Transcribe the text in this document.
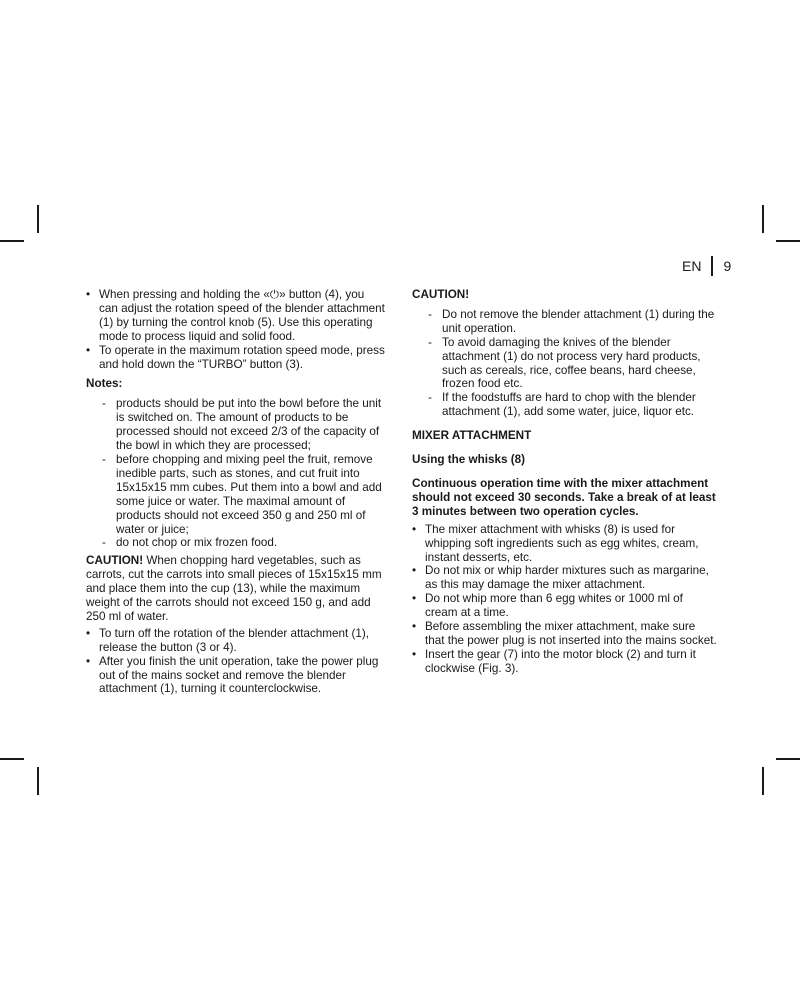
EN 9
• When pressing and holding the «⏻» button (4), you can adjust the rotation speed of the blender attachment (1) by turning the control knob (5). Use this operating mode to process liquid and solid food.
• To operate in the maximum rotation speed mode, press and hold down the “TURBO” button (3).
Notes:
- products should be put into the bowl before the unit is switched on. The amount of products to be processed should not exceed 2/3 of the capacity of the bowl in which they are processed;
- before chopping and mixing peel the fruit, remove inedible parts, such as stones, and cut fruit into 15x15x15 mm cubes. Put them into a bowl and add some juice or water. The maximal amount of products should not exceed 350 g and 250 ml of water or juice;
- do not chop or mix frozen food.
CAUTION! When chopping hard vegetables, such as carrots, cut the carrots into small pieces of 15x15x15 mm and place them into the cup (13), while the maximum weight of the carrots should not exceed 150 g, and add 250 ml of water.
• To turn off the rotation of the blender attachment (1), release the button (3 or 4).
• After you finish the unit operation, take the power plug out of the mains socket and remove the blender attachment (1), turning it counterclockwise.
CAUTION!
- Do not remove the blender attachment (1) during the unit operation.
- To avoid damaging the knives of the blender attachment (1) do not process very hard products, such as cereals, rice, coffee beans, hard cheese, frozen food etc.
- If the foodstuffs are hard to chop with the blender attachment (1), add some water, juice, liquor etc.
MIXER ATTACHMENT
Using the whisks (8)
Continuous operation time with the mixer attachment should not exceed 30 seconds. Take a break of at least 3 minutes between two operation cycles.
• The mixer attachment with whisks (8) is used for whipping soft ingredients such as egg whites, cream, instant desserts, etc.
• Do not mix or whip harder mixtures such as margarine, as this may damage the mixer attachment.
• Do not whip more than 6 egg whites or 1000 ml of cream at a time.
• Before assembling the mixer attachment, make sure that the power plug is not inserted into the mains socket.
• Insert the gear (7) into the motor block (2) and turn it clockwise (Fig. 3).
